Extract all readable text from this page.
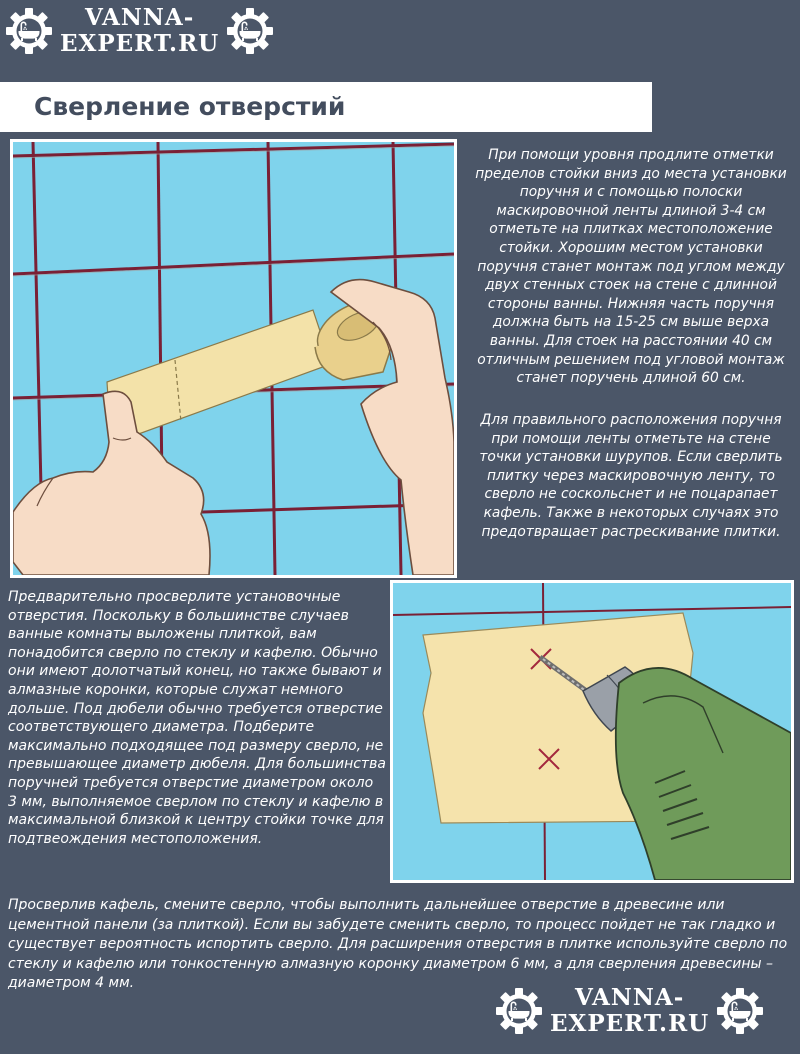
VANNA-
EXPERT.RU
Сверление отверстий

При помощи уровня продлите отметки пределов стойки вниз до места установки поручня и с помощью полоски маскировочной ленты длиной 3-4 см отметьте на плитках местоположение стойки. Хорошим местом установки поручня станет монтаж под углом между двух стенных стоек на стене с длинной стороны ванны. Нижняя часть поручня должна быть на 15-25 см выше верха ванны. Для стоек на расстоянии 40 см отличным решением под угловой монтаж станет поручень длиной 60 см.

Для правильного расположения поручня при помощи ленты отметьте на стене точки установки шурупов. Если сверлить плитку через маскировочную ленту, то сверло не соскольснет и не поцарапает кафель. Также в некоторых случаях это предотвращает растрескивание плитки.

Предварительно просверлите установочные отверстия. Поскольку в большинстве случаев ванные комнаты выложены плиткой, вам понадобится сверло по стеклу и кафелю. Обычно они имеют долотчатый конец, но также бывают и алмазные коронки, которые служат немного дольше. Под дюбели обычно требуется отверстие соответствующего диаметра. Подберите максимально подходящее под размеру сверло, не превышающее диаметр дюбеля. Для большинства поручней требуется отверстие диаметром около 3 мм, выполняемое сверлом по стеклу и кафелю в максимальной близкой к центру стойки точке для подтвеождения местоположения.

Просверлив кафель, смените сверло, чтобы выполнить дальнейшее отверстие в древесине или цементной панели (за плиткой). Если вы забудете сменить сверло, то процесс пойдет не так гладко и существует вероятность испортить сверло. Для расширения отверстия в плитке используйте сверло по стеклу и кафелю или тонкостенную алмазную коронку диаметром 6 мм, а для сверления древесины – диаметром 4 мм.

VANNA-
EXPERT.RU
